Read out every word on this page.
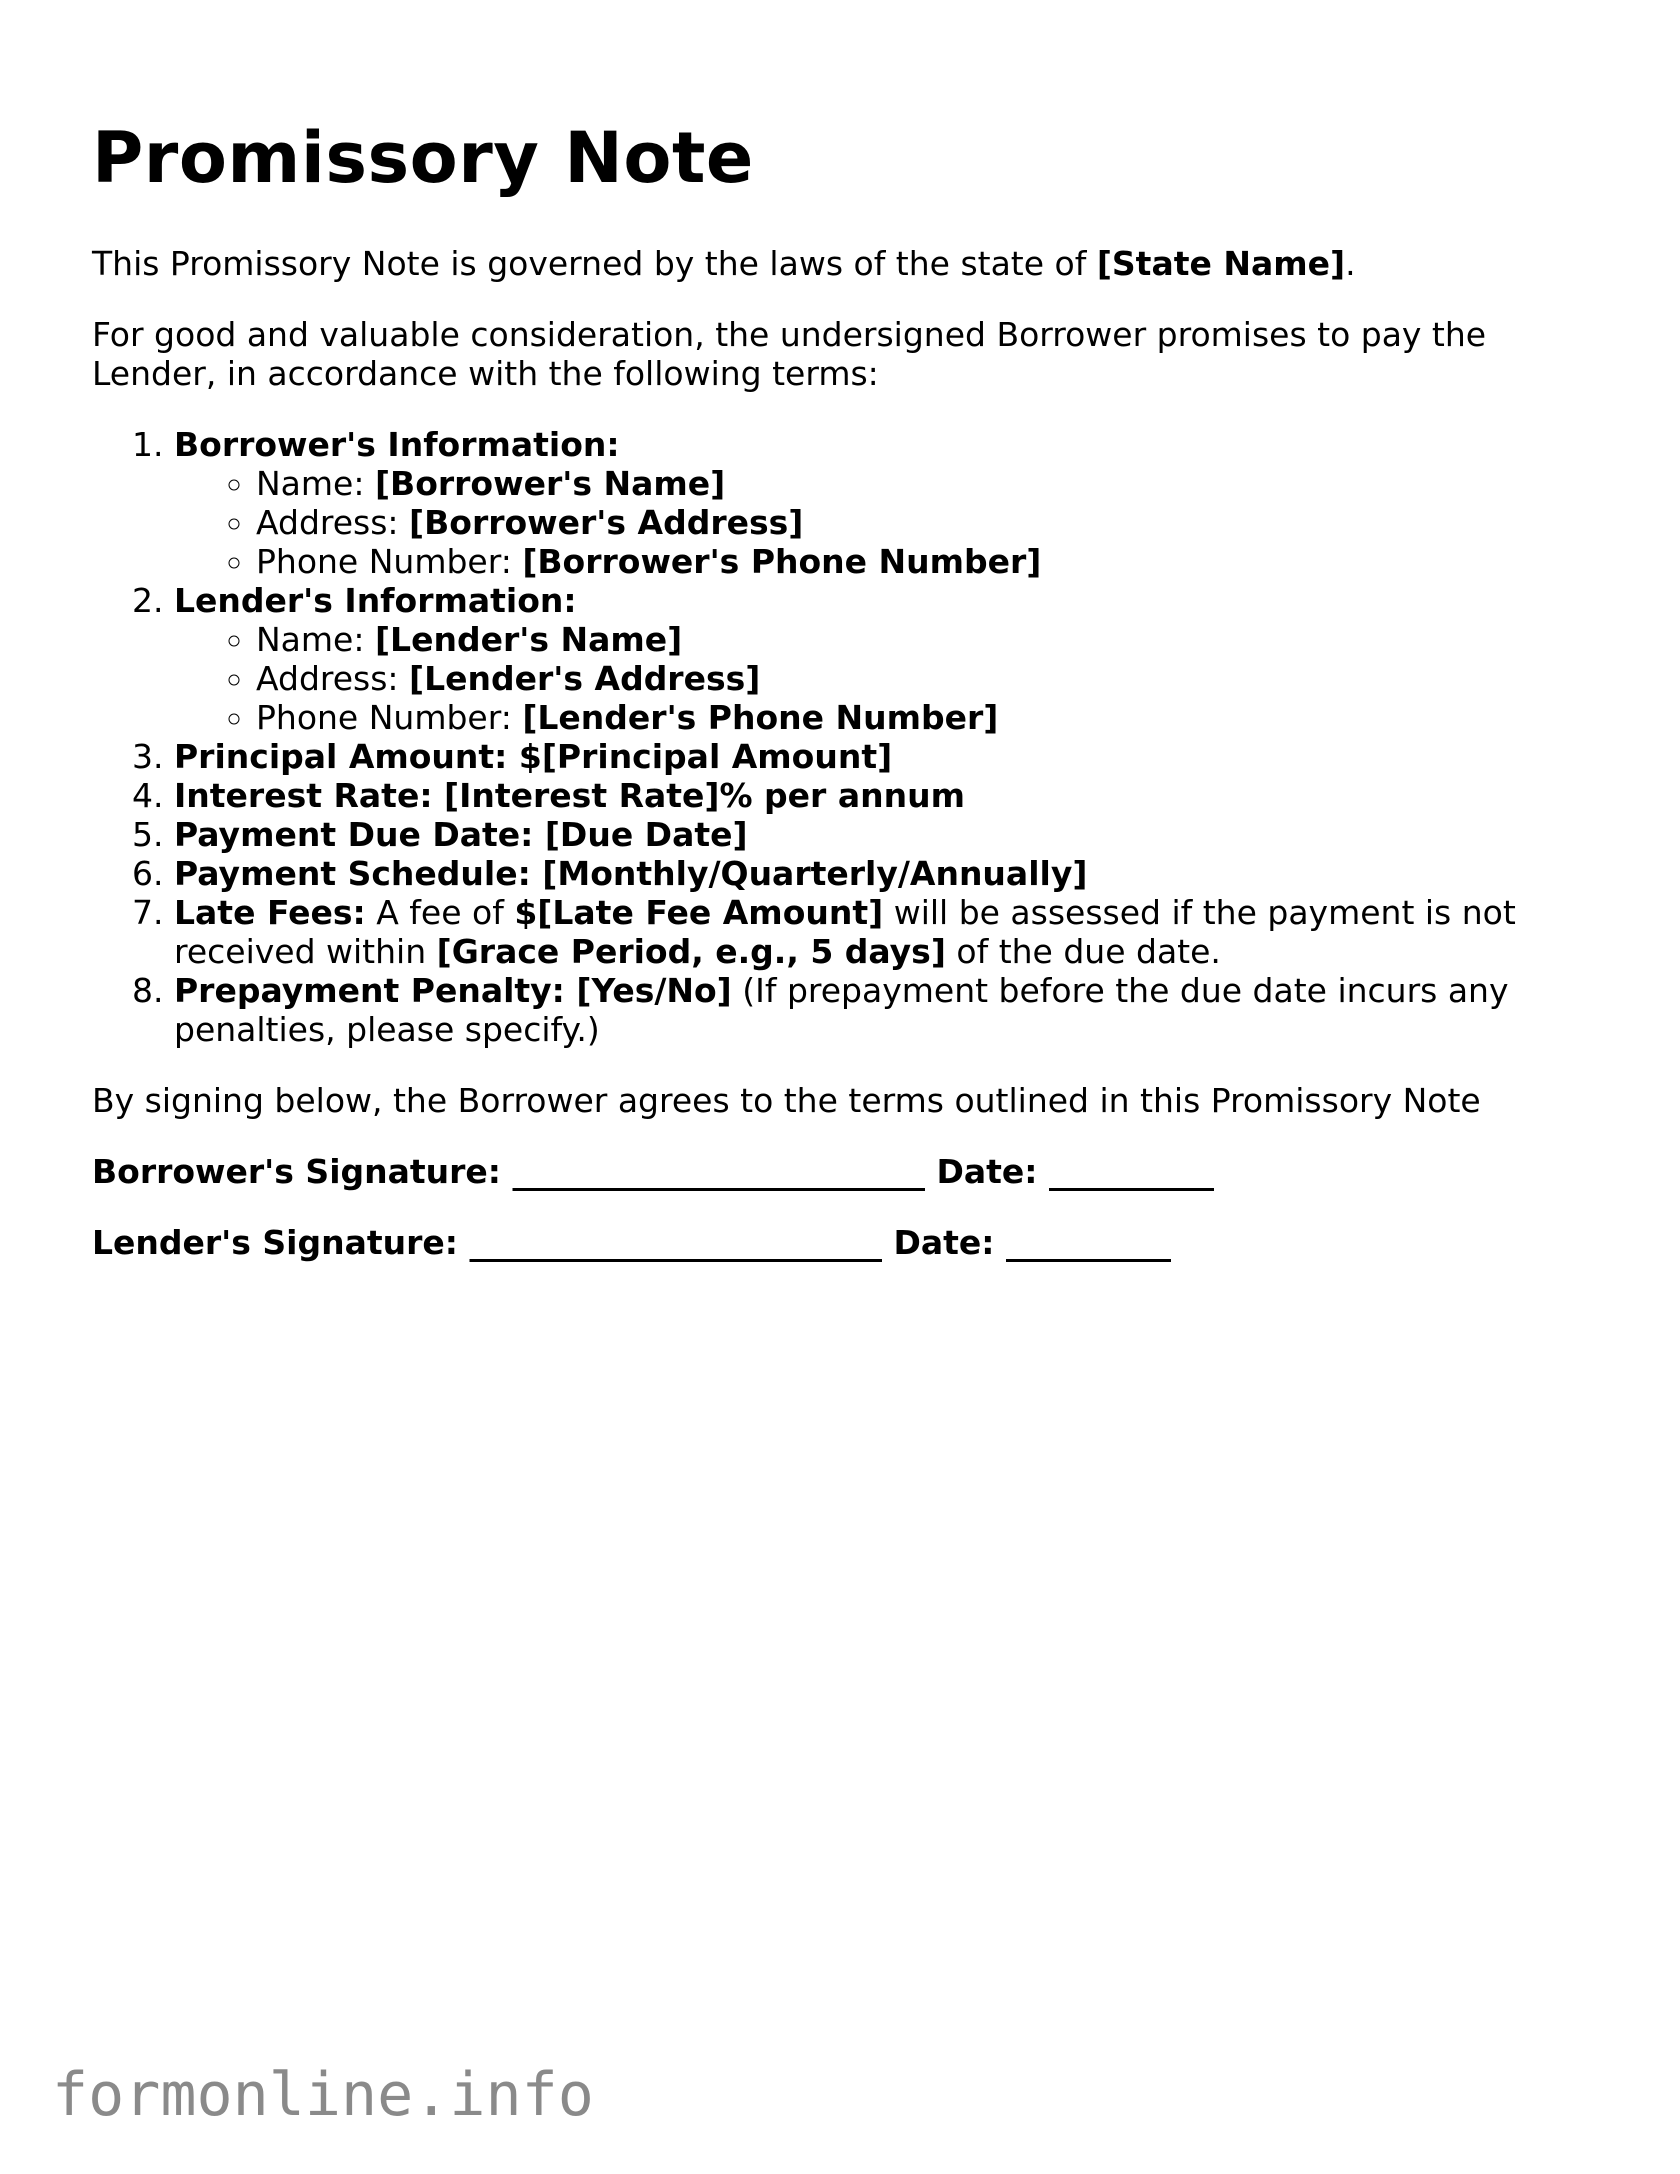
Promissory Note

This Promissory Note is governed by the laws of the state of [State Name].

For good and valuable consideration, the undersigned Borrower promises to pay the Lender, in accordance with the following terms:

1. Borrower's Information:
◦ Name: [Borrower's Name]
◦ Address: [Borrower's Address]
◦ Phone Number: [Borrower's Phone Number]
2. Lender's Information:
◦ Name: [Lender's Name]
◦ Address: [Lender's Address]
◦ Phone Number: [Lender's Phone Number]
3. Principal Amount: $[Principal Amount]
4. Interest Rate: [Interest Rate]% per annum
5. Payment Due Date: [Due Date]
6. Payment Schedule: [Monthly/Quarterly/Annually]
7. Late Fees: A fee of $[Late Fee Amount] will be assessed if the payment is not received within [Grace Period, e.g., 5 days] of the due date.
8. Prepayment Penalty: [Yes/No] (If prepayment before the due date incurs any penalties, please specify.)

By signing below, the Borrower agrees to the terms outlined in this Promissory Note

Borrower's Signature: _________________________ Date: __________

Lender's Signature: _________________________ Date: __________

formonline.info
